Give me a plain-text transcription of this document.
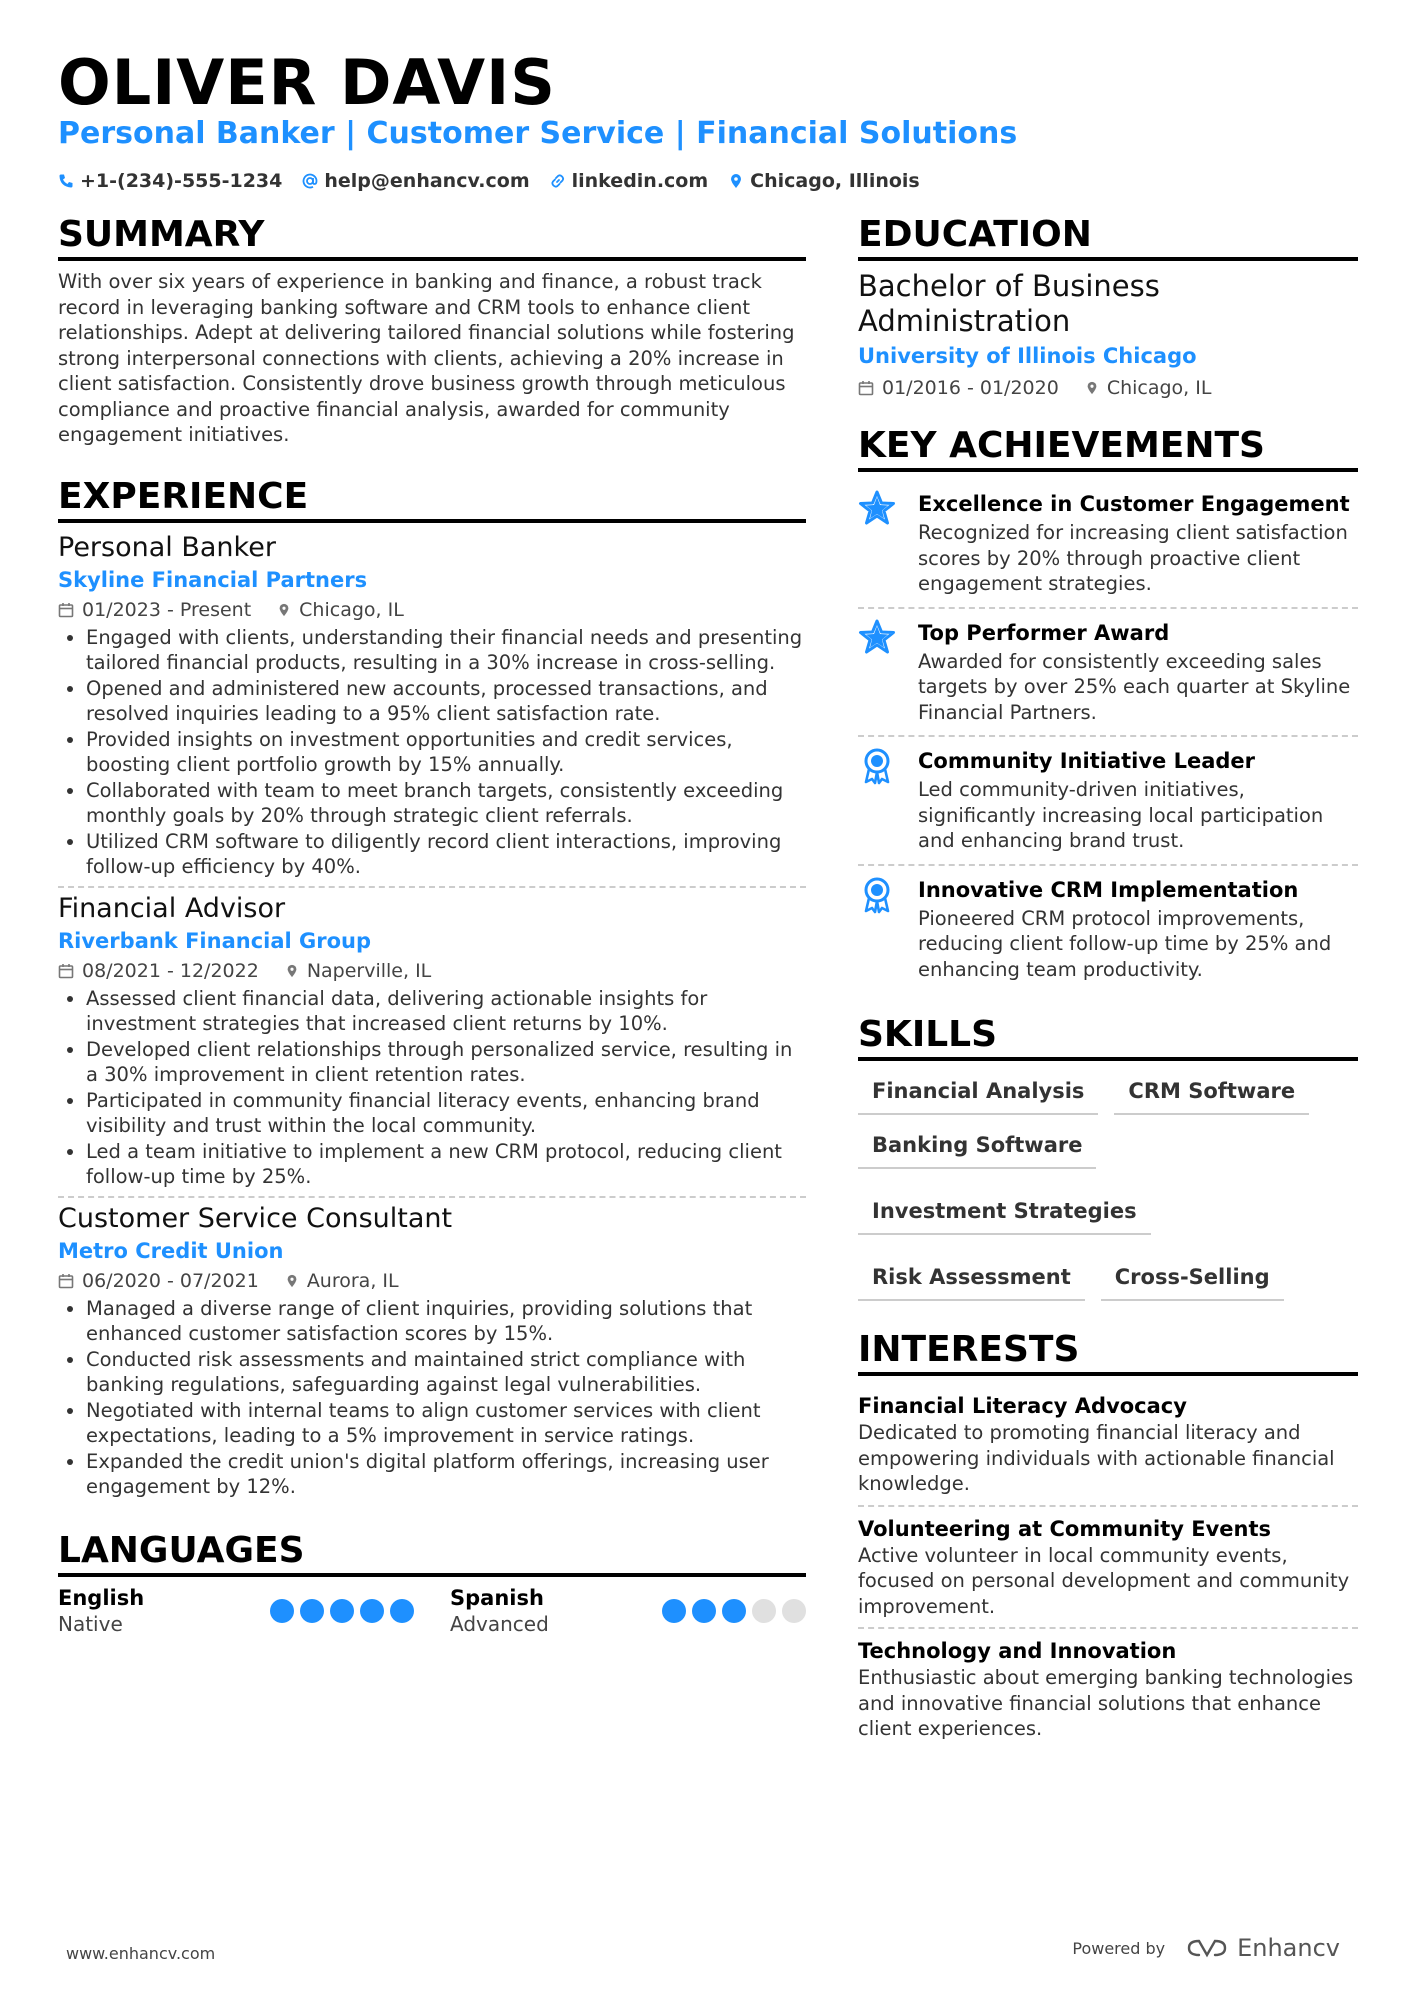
OLIVER DAVIS
Personal Banker | Customer Service | Financial Solutions
+1-(234)-555-1234 help@enhancv.com linkedin.com Chicago, Illinois
SUMMARY
With over six years of experience in banking and finance, a robust track record in leveraging banking software and CRM tools to enhance client relationships. Adept at delivering tailored financial solutions while fostering strong interpersonal connections with clients, achieving a 20% increase in client satisfaction. Consistently drove business growth through meticulous compliance and proactive financial analysis, awarded for community engagement initiatives.
EXPERIENCE
Personal Banker
Skyline Financial Partners
01/2023 - Present	Chicago, IL
• Engaged with clients, understanding their financial needs and presenting tailored financial products, resulting in a 30% increase in cross-selling.
• Opened and administered new accounts, processed transactions, and resolved inquiries leading to a 95% client satisfaction rate.
• Provided insights on investment opportunities and credit services, boosting client portfolio growth by 15% annually.
• Collaborated with team to meet branch targets, consistently exceeding monthly goals by 20% through strategic client referrals.
• Utilized CRM software to diligently record client interactions, improving follow-up efficiency by 40%.
Financial Advisor
Riverbank Financial Group
08/2021 - 12/2022	Naperville, IL
• Assessed client financial data, delivering actionable insights for investment strategies that increased client returns by 10%.
• Developed client relationships through personalized service, resulting in a 30% improvement in client retention rates.
• Participated in community financial literacy events, enhancing brand visibility and trust within the local community.
• Led a team initiative to implement a new CRM protocol, reducing client follow-up time by 25%.
Customer Service Consultant
Metro Credit Union
06/2020 - 07/2021	Aurora, IL
• Managed a diverse range of client inquiries, providing solutions that enhanced customer satisfaction scores by 15%.
• Conducted risk assessments and maintained strict compliance with banking regulations, safeguarding against legal vulnerabilities.
• Negotiated with internal teams to align customer services with client expectations, leading to a 5% improvement in service ratings.
• Expanded the credit union's digital platform offerings, increasing user engagement by 12%.
LANGUAGES
English
Native
Spanish
Advanced
EDUCATION
Bachelor of Business Administration
University of Illinois Chicago
01/2016 - 01/2020	Chicago, IL
KEY ACHIEVEMENTS
Excellence in Customer Engagement
Recognized for increasing client satisfaction scores by 20% through proactive client engagement strategies.
Top Performer Award
Awarded for consistently exceeding sales targets by over 25% each quarter at Skyline Financial Partners.
Community Initiative Leader
Led community-driven initiatives, significantly increasing local participation and enhancing brand trust.
Innovative CRM Implementation
Pioneered CRM protocol improvements, reducing client follow-up time by 25% and enhancing team productivity.
SKILLS
Financial Analysis	CRM Software
Banking Software
Investment Strategies
Risk Assessment	Cross-Selling
INTERESTS
Financial Literacy Advocacy
Dedicated to promoting financial literacy and empowering individuals with actionable financial knowledge.
Volunteering at Community Events
Active volunteer in local community events, focused on personal development and community improvement.
Technology and Innovation
Enthusiastic about emerging banking technologies and innovative financial solutions that enhance client experiences.
www.enhancv.com	Powered by	Enhancv
